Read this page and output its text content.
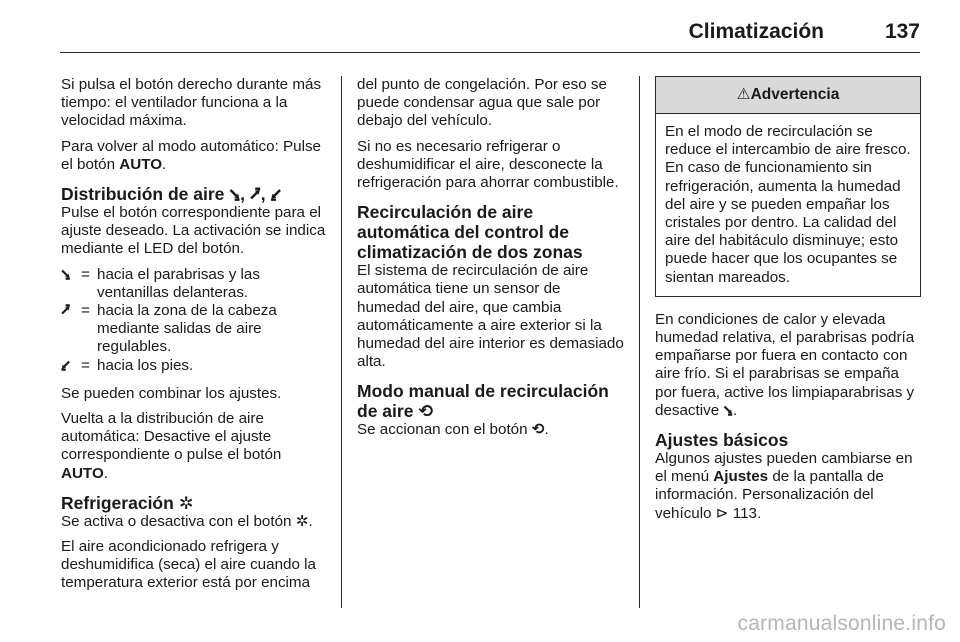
Climatización	137

Si pulsa el botón derecho durante más tiempo: el ventilador funciona a la velocidad máxima.

Para volver al modo automático: Pulse el botón AUTO.

Distribución de aire ⭸, ⭷, ⭹

Pulse el botón correspondiente para el ajuste deseado. La activación se indica mediante el LED del botón.

⭸ = hacia el parabrisas y las ventanillas delanteras.
⭷ = hacia la zona de la cabeza mediante salidas de aire regulables.
⭹ = hacia los pies.

Se pueden combinar los ajustes.

Vuelta a la distribución de aire automática: Desactive el ajuste correspondiente o pulse el botón AUTO.

Refrigeración ✲

Se activa o desactiva con el botón ✲.

El aire acondicionado refrigera y deshumidifica (seca) el aire cuando la temperatura exterior está por encima

del punto de congelación. Por eso se puede condensar agua que sale por debajo del vehículo.

Si no es necesario refrigerar o deshumidificar el aire, desconecte la refrigeración para ahorrar combustible.

Recirculación de aire automática del control de climatización de dos zonas

El sistema de recirculación de aire automática tiene un sensor de humedad del aire, que cambia automáticamente a aire exterior si la humedad del aire interior es demasiado alta.

Modo manual de recirculación de aire ⟲

Se accionan con el botón ⟲.

⚠ Advertencia
En el modo de recirculación se reduce el intercambio de aire fresco. En caso de funcionamiento sin refrigeración, aumenta la humedad del aire y se pueden empañar los cristales por dentro. La calidad del aire del habitáculo disminuye; esto puede hacer que los ocupantes se sientan mareados.

En condiciones de calor y elevada humedad relativa, el parabrisas podría empañarse por fuera en contacto con aire frío. Si el parabrisas se empaña por fuera, active los limpiaparabrisas y desactive ⭸.

Ajustes básicos

Algunos ajustes pueden cambiarse en el menú Ajustes de la pantalla de información. Personalización del vehículo ⊳ 113.

carmanualsonline.info
